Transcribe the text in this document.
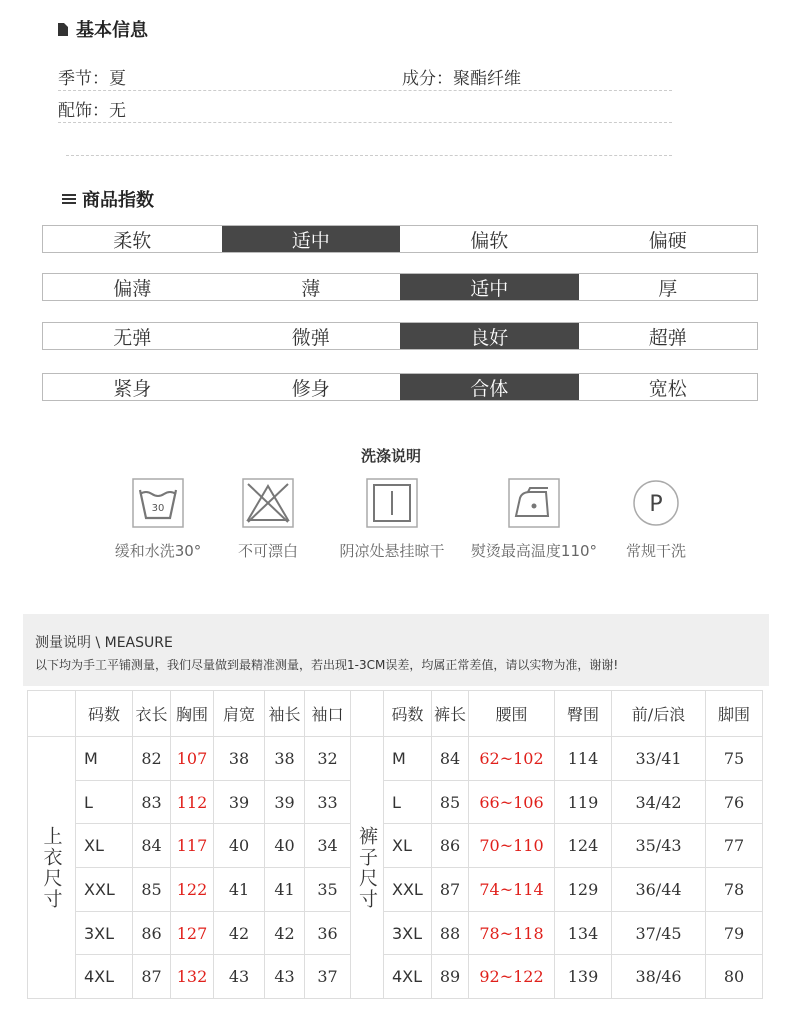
基本信息
季节：夏	成分：聚酯纤维
配饰：无
商品指数
柔软	适中	偏软	偏硬
偏薄	薄	适中	厚
无弹	微弹	良好	超弹
紧身	修身	合体	宽松
洗涤说明
30
缓和水洗30°	不可漂白	阴凉处悬挂晾干	熨烫最高温度110°
P
常规干洗
测量说明 \ MEASURE
以下均为手工平铺测量，我们尽量做到最精准测量，若出现1-3CM误差，均属正常差值，请以实物为准，谢谢!
	码数	衣长	胸围	肩宽	袖长	袖口		码数	裤长	腰围	臀围	前/后浪	脚围
上衣尺寸	M	82	107	38	38	32	裤子尺寸	M	84	62~102	114	33/41	75
	L	83	112	39	39	33		L	85	66~106	119	34/42	76
	XL	84	117	40	40	34		XL	86	70~110	124	35/43	77
	XXL	85	122	41	41	35		XXL	87	74~114	129	36/44	78
	3XL	86	127	42	42	36		3XL	88	78~118	134	37/45	79
	4XL	87	132	43	43	37		4XL	89	92~122	139	38/46	80
